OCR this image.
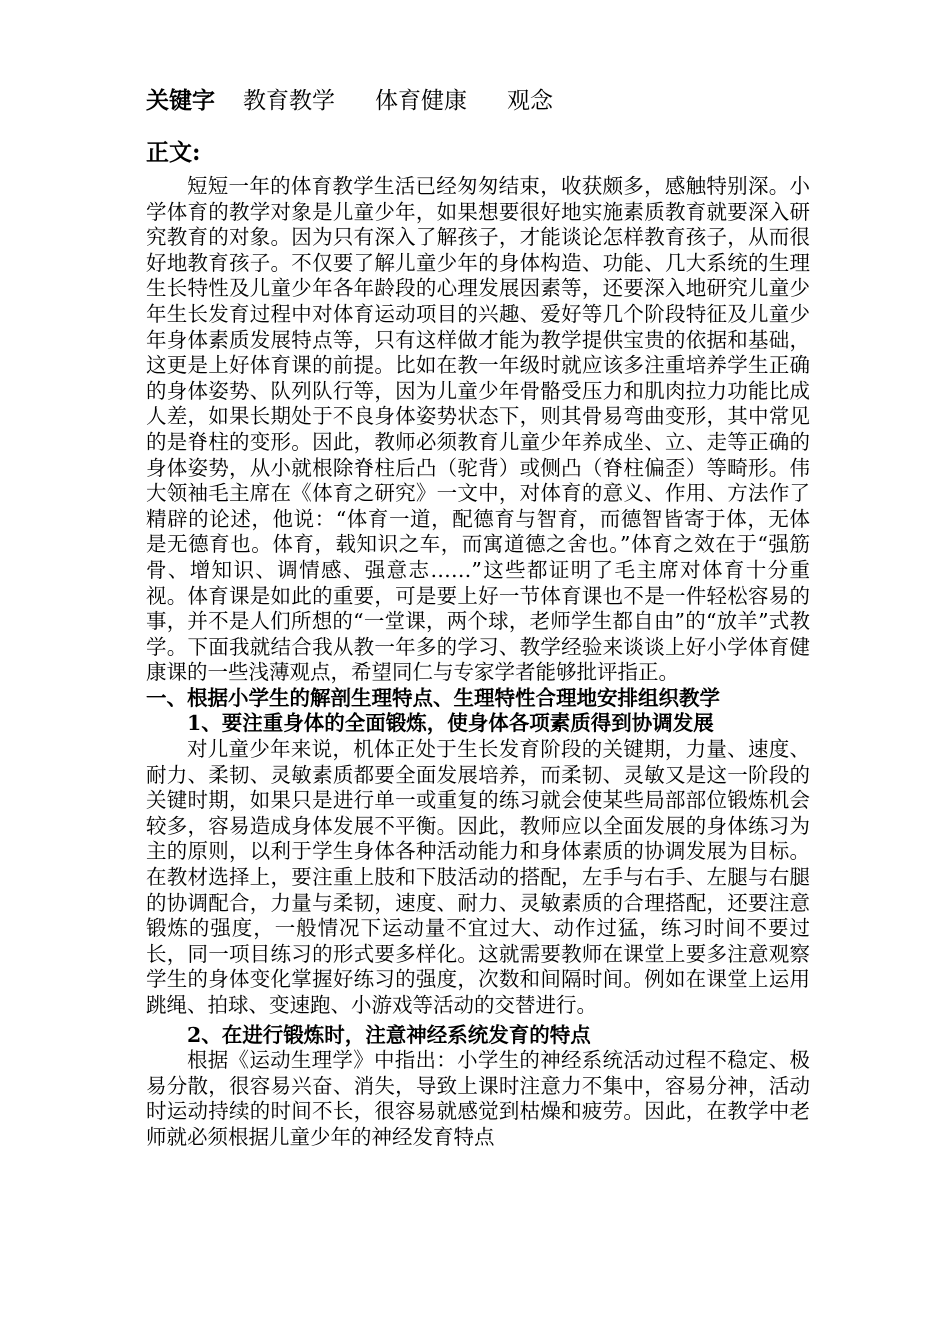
关键字 教育教学 体育健康 观念
正文:

短短一年的体育教学生活已经匆匆结束，收获颇多，感触特别深。小学体育的教学对象是儿童少年，如果想要很好地实施素质教育就要深入研究教育的对象。因为只有深入了解孩子，才能谈论怎样教育孩子，从而很好地教育孩子。不仅要了解儿童少年的身体构造、功能、几大系统的生理生长特性及儿童少年各年龄段的心理发展因素等，还要深入地研究儿童少年生长发育过程中对体育运动项目的兴趣、爱好等几个阶段特征及儿童少年身体素质发展特点等，只有这样做才能为教学提供宝贵的依据和基础，这更是上好体育课的前提。比如在教一年级时就应该多注重培养学生正确的身体姿势、队列队行等，因为儿童少年骨骼受压力和肌肉拉力功能比成人差，如果长期处于不良身体姿势状态下，则其骨易弯曲变形，其中常见的是脊柱的变形。因此，教师必须教育儿童少年养成坐、立、走等正确的身体姿势，从小就根除脊柱后凸（驼背）或侧凸（脊柱偏歪）等畸形。伟大领袖毛主席在《体育之研究》一文中，对体育的意义、作用、方法作了精辟的论述，他说：“体育一道，配德育与智育，而德智皆寄于体，无体是无德育也。体育，载知识之车，而寓道德之舍也。”体育之效在于“强筋骨、增知识、调情感、强意志……”这些都证明了毛主席对体育十分重视。体育课是如此的重要，可是要上好一节体育课也不是一件轻松容易的事，并不是人们所想的“一堂课，两个球，老师学生都自由”的“放羊”式教学。下面我就结合我从教一年多的学习、教学经验来谈谈上好小学体育健康课的一些浅薄观点，希望同仁与专家学者能够批评指正。

一、根据小学生的解剖生理特点、生理特性合理地安排组织教学

1、要注重身体的全面锻炼，使身体各项素质得到协调发展

对儿童少年来说，机体正处于生长发育阶段的关键期，力量、速度、耐力、柔韧、灵敏素质都要全面发展培养，而柔韧、灵敏又是这一阶段的关键时期，如果只是进行单一或重复的练习就会使某些局部部位锻炼机会较多，容易造成身体发展不平衡。因此，教师应以全面发展的身体练习为主的原则，以利于学生身体各种活动能力和身体素质的协调发展为目标。在教材选择上，要注重上肢和下肢活动的搭配，左手与右手、左腿与右腿的协调配合，力量与柔韧，速度、耐力、灵敏素质的合理搭配，还要注意锻炼的强度，一般情况下运动量不宜过大、动作过猛，练习时间不要过长，同一项目练习的形式要多样化。这就需要教师在课堂上要多注意观察学生的身体变化掌握好练习的强度，次数和间隔时间。例如在课堂上运用跳绳、拍球、变速跑、小游戏等活动的交替进行。

2、在进行锻炼时，注意神经系统发育的特点

根据《运动生理学》中指出：小学生的神经系统活动过程不稳定、极易分散，很容易兴奋、消失，导致上课时注意力不集中，容易分神，活动时运动持续的时间不长，很容易就感觉到枯燥和疲劳。因此，在教学中老师就必须根据儿童少年的神经发育特点
